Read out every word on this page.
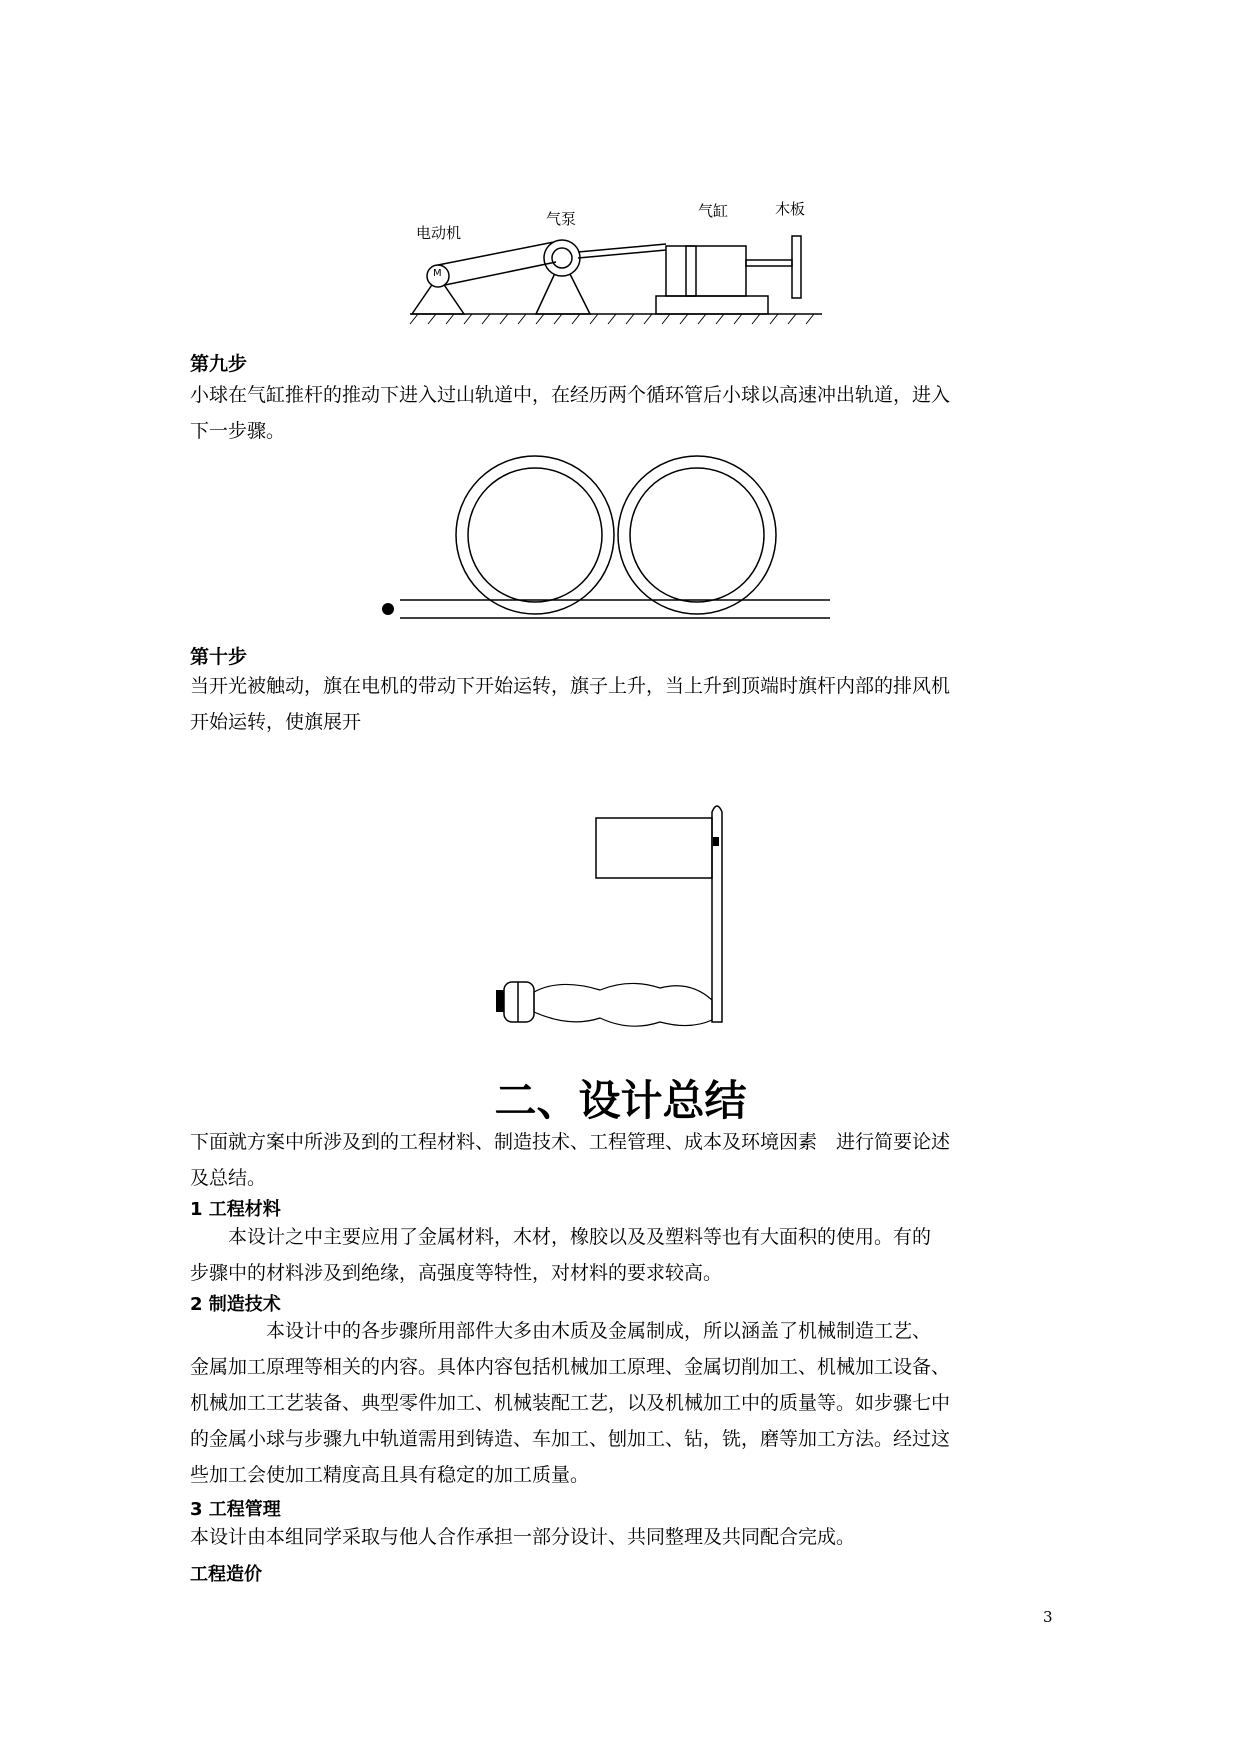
电动机
气泵	气缸	木板
M
第九步

小球在气缸推杆的推动下进入过山轨道中，在经历两个循环管后小球以高速冲出轨道，进入

下一步骤。

第十步

当开光被触动，旗在电机的带动下开始运转，旗子上升，当上升到顶端时旗杆内部的排风机

开始运转，使旗展开

二、设计总结

下面就方案中所涉及到的工程材料、制造技术、工程管理、成本及环境因素　进行简要论述

及总结。

1 工程材料

　　本设计之中主要应用了金属材料，木材，橡胶以及及塑料等也有大面积的使用。有的

步骤中的材料涉及到绝缘，高强度等特性，对材料的要求较高。

2 制造技术

　　　　本设计中的各步骤所用部件大多由木质及金属制成，所以涵盖了机械制造工艺、

金属加工原理等相关的内容。具体内容包括机械加工原理、金属切削加工、机械加工设备、

机械加工工艺装备、典型零件加工、机械装配工艺，以及机械加工中的质量等。如步骤七中

的金属小球与步骤九中轨道需用到铸造、车加工、刨加工、钻，铣，磨等加工方法。经过这

些加工会使加工精度高且具有稳定的加工质量。

3 工程管理

本设计由本组同学采取与他人合作承担一部分设计、共同整理及共同配合完成。

工程造价
3
